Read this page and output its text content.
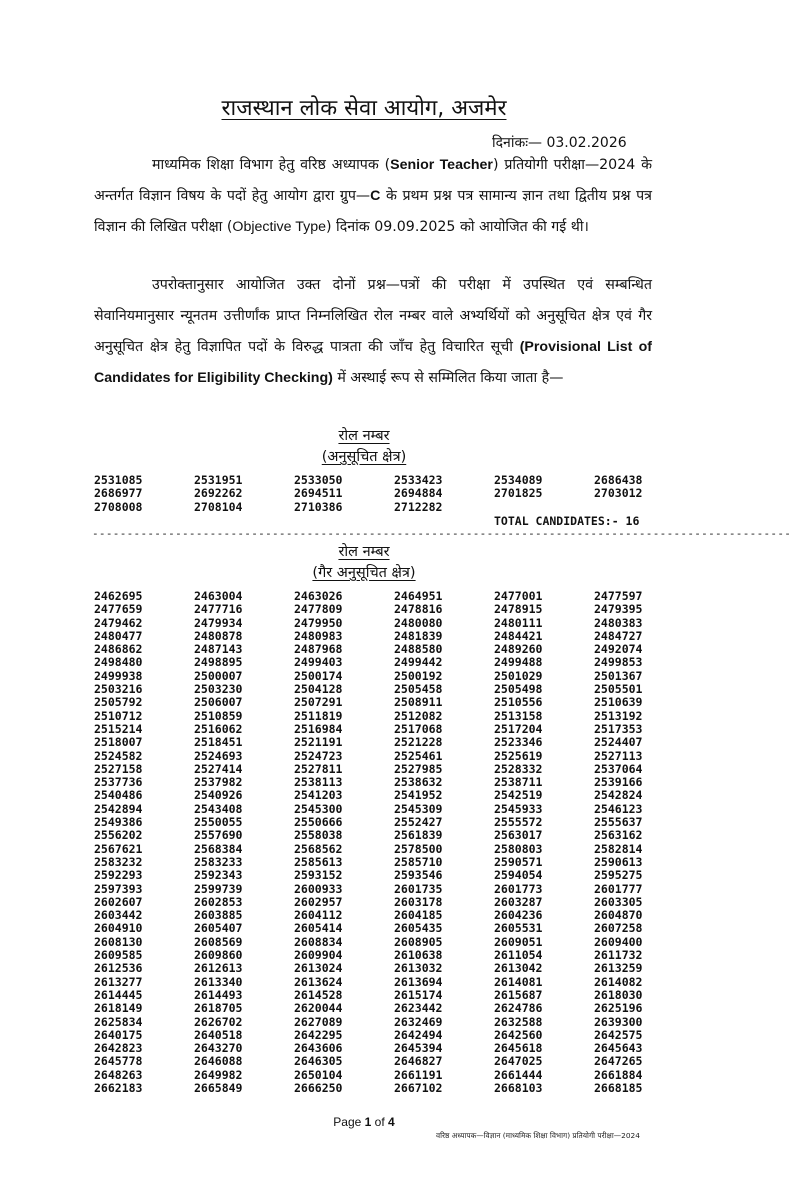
राजस्थान लोक सेवा आयोग, अजमेर
दिनांकः— 03.02.2026
माध्यमिक शिक्षा विभाग हेतु वरिष्ठ अध्यापक (Senior Teacher) प्रतियोगी परीक्षा—2024 के अन्तर्गत विज्ञान विषय के पदों हेतु आयोग द्वारा ग्रुप—C के प्रथम प्रश्न पत्र सामान्य ज्ञान तथा द्वितीय प्रश्न पत्र विज्ञान की लिखित परीक्षा (Objective Type) दिनांक 09.09.2025 को आयोजित की गई थी।
उपरोक्तानुसार आयोजित उक्त दोनों प्रश्न—पत्रों की परीक्षा में उपस्थित एवं सम्बन्धित सेवानियमानुसार न्यूनतम उत्तीर्णांक प्राप्त निम्नलिखित रोल नम्बर वाले अभ्यर्थियों को अनुसूचित क्षेत्र एवं गैर अनुसूचित क्षेत्र हेतु विज्ञापित पदों के विरुद्ध पात्रता की जाँच हेतु विचारित सूची (Provisional List of Candidates for Eligibility Checking) में अस्थाई रूप से सम्मिलित किया जाता है—
रोल नम्बर
(अनुसूचित क्षेत्र)
2531085	2531951	2533050	2533423	2534089	2686438
2686977	2692262	2694511	2694884	2701825	2703012
2708008	2708104	2710386	2712282
TOTAL CANDIDATES:- 16
-----------------------------------------------------------------------------------------------------
रोल नम्बर
(गैर अनुसूचित क्षेत्र)
2462695	2463004	2463026	2464951	2477001	2477597
2477659	2477716	2477809	2478816	2478915	2479395
2479462	2479934	2479950	2480080	2480111	2480383
2480477	2480878	2480983	2481839	2484421	2484727
2486862	2487143	2487968	2488580	2489260	2492074
2498480	2498895	2499403	2499442	2499488	2499853
2499938	2500007	2500174	2500192	2501029	2501367
2503216	2503230	2504128	2505458	2505498	2505501
2505792	2506007	2507291	2508911	2510556	2510639
2510712	2510859	2511819	2512082	2513158	2513192
2515214	2516062	2516984	2517068	2517204	2517353
2518007	2518451	2521191	2521228	2523346	2524407
2524582	2524693	2524723	2525461	2525619	2527113
2527158	2527414	2527811	2527985	2528332	2537064
2537736	2537982	2538113	2538632	2538711	2539166
2540486	2540926	2541203	2541952	2542519	2542824
2542894	2543408	2545300	2545309	2545933	2546123
2549386	2550055	2550666	2552427	2555572	2555637
2556202	2557690	2558038	2561839	2563017	2563162
2567621	2568384	2568562	2578500	2580803	2582814
2583232	2583233	2585613	2585710	2590571	2590613
2592293	2592343	2593152	2593546	2594054	2595275
2597393	2599739	2600933	2601735	2601773	2601777
2602607	2602853	2602957	2603178	2603287	2603305
2603442	2603885	2604112	2604185	2604236	2604870
2604910	2605407	2605414	2605435	2605531	2607258
2608130	2608569	2608834	2608905	2609051	2609400
2609585	2609860	2609904	2610638	2611054	2611732
2612536	2612613	2613024	2613032	2613042	2613259
2613277	2613340	2613624	2613694	2614081	2614082
2614445	2614493	2614528	2615174	2615687	2618030
2618149	2618705	2620044	2623442	2624786	2625196
2625834	2626702	2627089	2632469	2632588	2639300
2640175	2640518	2642295	2642494	2642560	2642575
2642823	2643270	2643606	2645394	2645618	2645643
2645778	2646088	2646305	2646827	2647025	2647265
2648263	2649982	2650104	2661191	2661444	2661884
2662183	2665849	2666250	2667102	2668103	2668185
Page 1 of 4
वरिष्ठ अध्यापक—विज्ञान (माध्यमिक शिक्षा विभाग) प्रतियोगी परीक्षा—2024
